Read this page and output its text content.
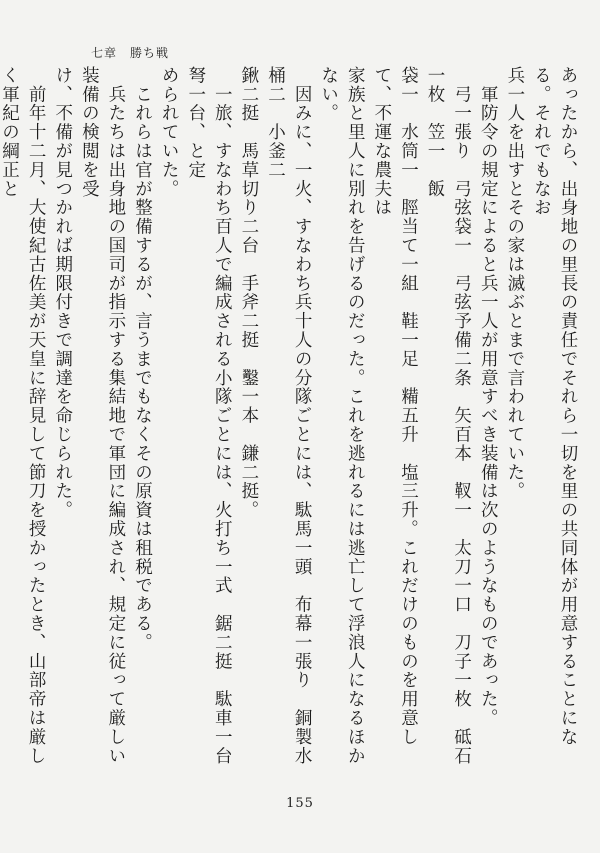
七章　勝ち戦

あったから、出身地の里長の責任でそれら一切を里の共同体が用意することになる。それでもなお

兵一人を出すとその家は滅ぶとまで言われていた。

　軍防令の規定によると兵一人が用意すべき装備は次のようなものであった。

　弓一張り　弓弦袋一　弓弦予備二条　矢百本　靫一　太刀一口　刀子一枚　砥石一枚　笠一　飯

袋一　水筒一　脛当て一組　鞋一足　糒五升　塩三升。これだけのものを用意して、不運な農夫は

家族と里人に別れを告げるのだった。これを逃れるには逃亡して浮浪人になるほかない。

　因みに、一火、すなわち兵十人の分隊ごとには、駄馬一頭　布幕一張り　銅製水桶二　小釜二

鍬二挺　馬草切り二台　手斧二挺　鑿一本　鎌二挺。

　一旅、すなわち百人で編成される小隊ごとには、火打ち一式　鋸二挺　駄車一台　弩一台、と定

められていた。

　これらは官が整備するが、言うまでもなくその原資は租税である。

　兵たちは出身地の国司が指示する集結地で軍団に編成され、規定に従って厳しい装備の検閲を受

け、不備が見つかれば期限付きで調達を命じられた。

　前年十二月、大使紀古佐美が天皇に辞見して節刀を授かったとき、山部帝は厳しく軍紀の綱正と

155
